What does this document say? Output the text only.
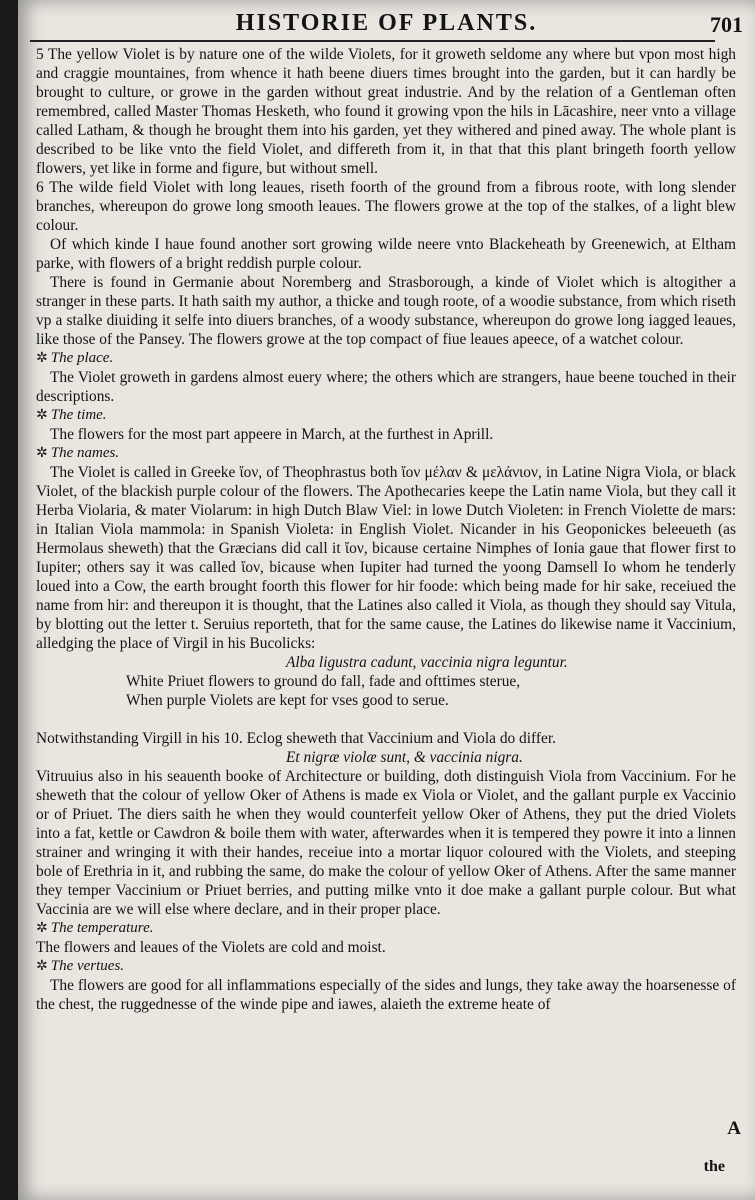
HISTORIE OF PLANTS.	701

5 The yellow Violet is by nature one of the wilde Violets, for it groweth seldome any where but vpon most high and craggie mountaines, from whence it hath beene diuers times brought into the garden, but it can hardly be brought to culture, or growe in the garden without great industrie. And by the relation of a Gentleman often remembred, called Master Thomas Hesketh, who found it growing vpon the hils in Lācashire, neer vnto a village called Latham, & though he brought them into his garden, yet they withered and pined away. The whole plant is described to be like vnto the field Violet, and differeth from it, in that that this plant bringeth foorth yellow flowers, yet like in forme and figure, but without smell.

6 The wilde field Violet with long leaues, riseth foorth of the ground from a fibrous roote, with long slender branches, whereupon do growe long smooth leaues. The flowers growe at the top of the stalkes, of a light blew colour.

Of which kinde I haue found another sort growing wilde neere vnto Blackeheath by Greenewich, at Eltham parke, with flowers of a bright reddish purple colour.

There is found in Germanie about Noremberg and Strasborough, a kinde of Violet which is altogither a stranger in these parts. It hath saith my author, a thicke and tough roote, of a woodie substance, from which riseth vp a stalke diuiding it selfe into diuers branches, of a woody substance, whereupon do growe long iagged leaues, like those of the Pansey. The flowers growe at the top compact of fiue leaues apeece, of a watchet colour.

✲ The place.

The Violet groweth in gardens almost euery where; the others which are strangers, haue beene touched in their descriptions.

✲ The time.

The flowers for the most part appeere in March, at the furthest in Aprill.

✲ The names.

The Violet is called in Greeke ἴον, of Theophrastus both ἴον μέλαν & μελάνιον, in Latine Nigra Viola, or black Violet, of the blackish purple colour of the flowers. The Apothecaries keepe the Latin name Viola, but they call it Herba Violaria, & mater Violarum: in high Dutch Blaw Viel: in lowe Dutch Violeten: in French Violette de mars: in Italian Viola mammola: in Spanish Violeta: in English Violet. Nicander in his Geoponickes beleeueth (as Hermolaus sheweth) that the Græcians did call it ἴον, bicause certaine Nimphes of Ionia gaue that flower first to Iupiter; others say it was called ἴον, bicause when Iupiter had turned the yoong Damsell Io whom he tenderly loued into a Cow, the earth brought foorth this flower for hir foode: which being made for hir sake, receiued the name from hir: and thereupon it is thought, that the Latines also called it Viola, as though they should say Vitula, by blotting out the letter t. Seruius reporteth, that for the same cause, the Latines do likewise name it Vaccinium, alledging the place of Virgil in his Bucolicks:

Alba ligustra cadunt, vaccinia nigra leguntur.

White Priuet flowers to ground do fall, fade and ofttimes sterue,

When purple Violets are kept for vses good to serue.

Notwithstanding Virgill in his 10. Eclog sheweth that Vaccinium and Viola do differ.

Et nigræ violæ sunt, & vaccinia nigra.

Vitruuius also in his seauenth booke of Architecture or building, doth distinguish Viola from Vaccinium. For he sheweth that the colour of yellow Oker of Athens is made ex Viola or Violet, and the gallant purple ex Vaccinio or of Priuet. The diers saith he when they would counterfeit yellow Oker of Athens, they put the dried Violets into a fat, kettle or Cawdron & boile them with water, afterwardes when it is tempered they powre it into a linnen strainer and wringing it with their handes, receiue into a mortar liquor coloured with the Violets, and steeping bole of Erethria in it, and rubbing the same, do make the colour of yellow Oker of Athens. After the same manner they temper Vaccinium or Priuet berries, and putting milke vnto it doe make a gallant purple colour. But what Vaccinia are we will else where declare, and in their proper place.

✲ The temperature.

The flowers and leaues of the Violets are cold and moist.

✲ The vertues.

The flowers are good for all inflammations especially of the sides and lungs, they take away the hoarsenesse of the chest, the ruggednesse of the winde pipe and iawes, alaieth the extreme heate of

A
the
